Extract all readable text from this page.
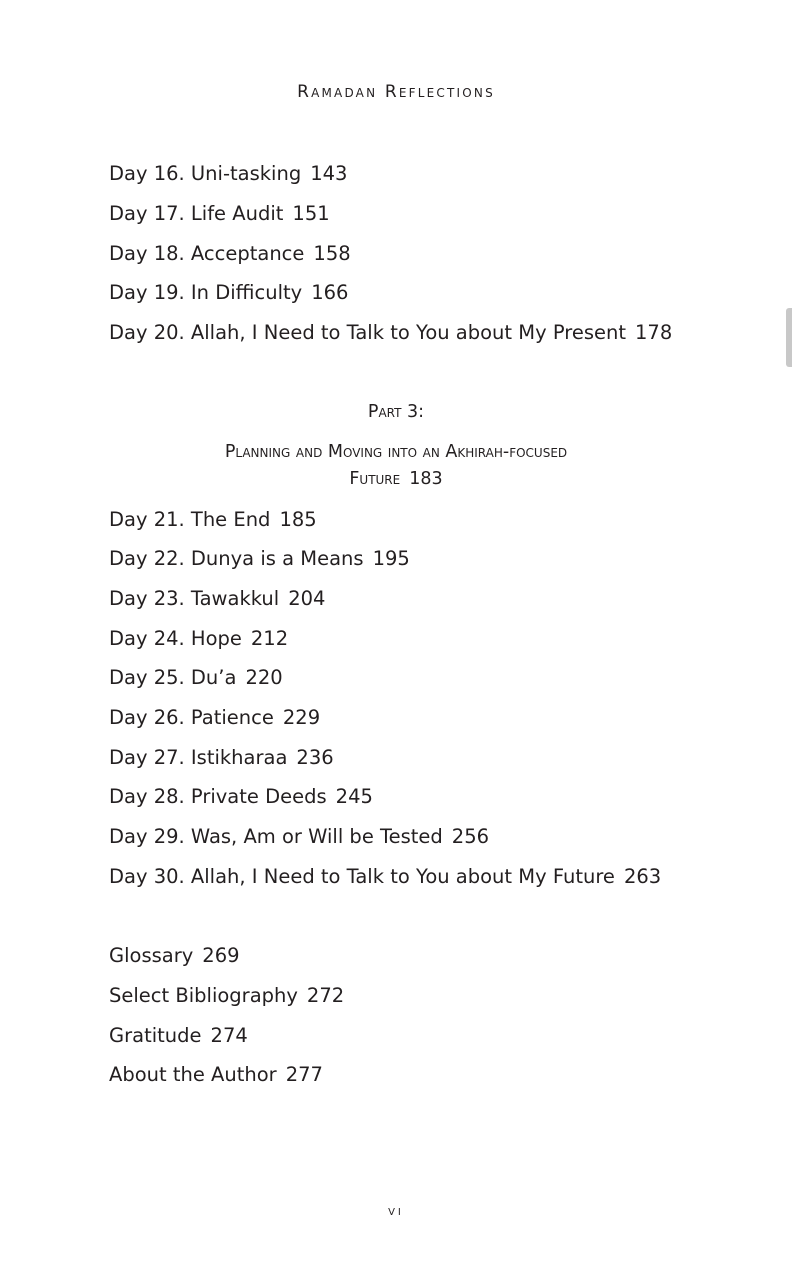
Ramadan Reflections
Day 16. Uni-tasking 143
Day 17. Life Audit 151
Day 18. Acceptance 158
Day 19. In Difficulty 166
Day 20. Allah, I Need to Talk to You about My Present 178
Part 3:
Planning and Moving into an Akhirah-focused
Future 183
Day 21. The End 185
Day 22. Dunya is a Means 195
Day 23. Tawakkul 204
Day 24. Hope 212
Day 25. Du’a 220
Day 26. Patience 229
Day 27. Istikharaa 236
Day 28. Private Deeds 245
Day 29. Was, Am or Will be Tested 256
Day 30. Allah, I Need to Talk to You about My Future 263
Glossary 269
Select Bibliography 272
Gratitude 274
About the Author 277
vi
